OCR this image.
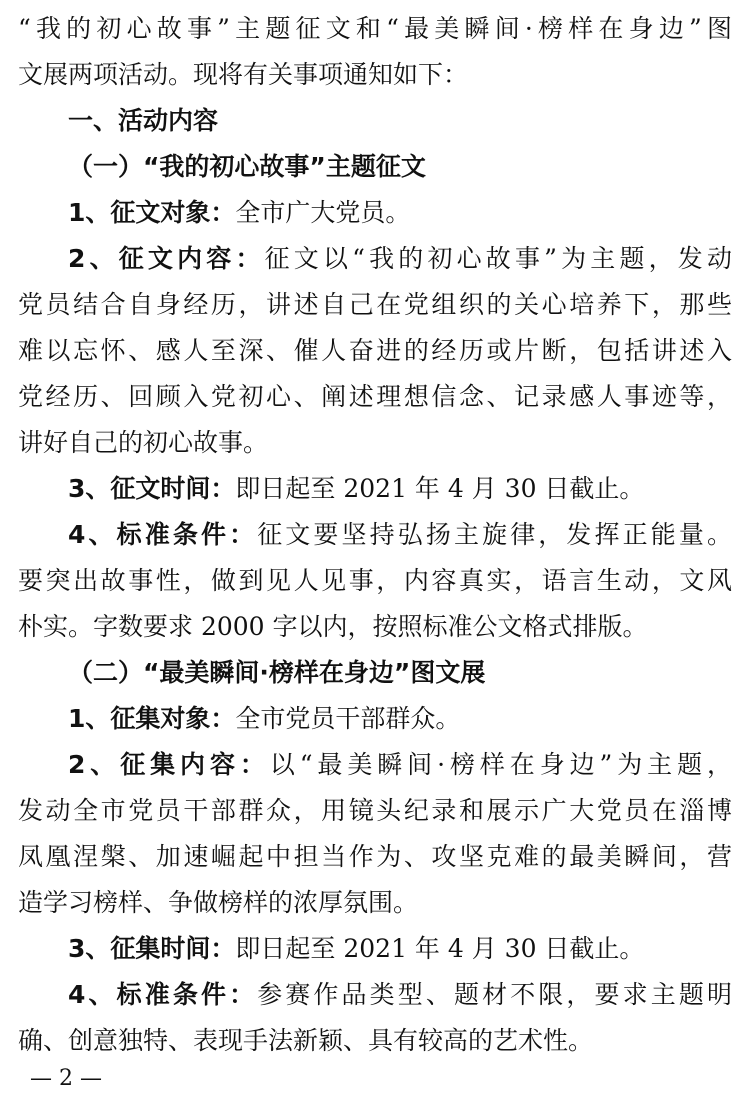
“我的初心故事”主题征文和“最美瞬间·榜样在身边”图
文展两项活动。现将有关事项通知如下：
一、活动内容
（一）“我的初心故事”主题征文
1、征文对象：全市广大党员。
2、征文内容：征文以“我的初心故事”为主题，发动
党员结合自身经历，讲述自己在党组织的关心培养下，那些
难以忘怀、感人至深、催人奋进的经历或片断，包括讲述入
党经历、回顾入党初心、阐述理想信念、记录感人事迹等，
讲好自己的初心故事。
3、征文时间：即日起至 2021 年 4 月 30 日截止。
4、标准条件：征文要坚持弘扬主旋律，发挥正能量。
要突出故事性，做到见人见事，内容真实，语言生动，文风
朴实。字数要求 2000 字以内，按照标准公文格式排版。
（二）“最美瞬间·榜样在身边”图文展
1、征集对象：全市党员干部群众。
2、征集内容：以“最美瞬间·榜样在身边”为主题，
发动全市党员干部群众，用镜头纪录和展示广大党员在淄博
凤凰涅槃、加速崛起中担当作为、攻坚克难的最美瞬间，营
造学习榜样、争做榜样的浓厚氛围。
3、征集时间：即日起至 2021 年 4 月 30 日截止。
4、标准条件：参赛作品类型、题材不限，要求主题明
确、创意独特、表现手法新颖、具有较高的艺术性。
— 2 —
